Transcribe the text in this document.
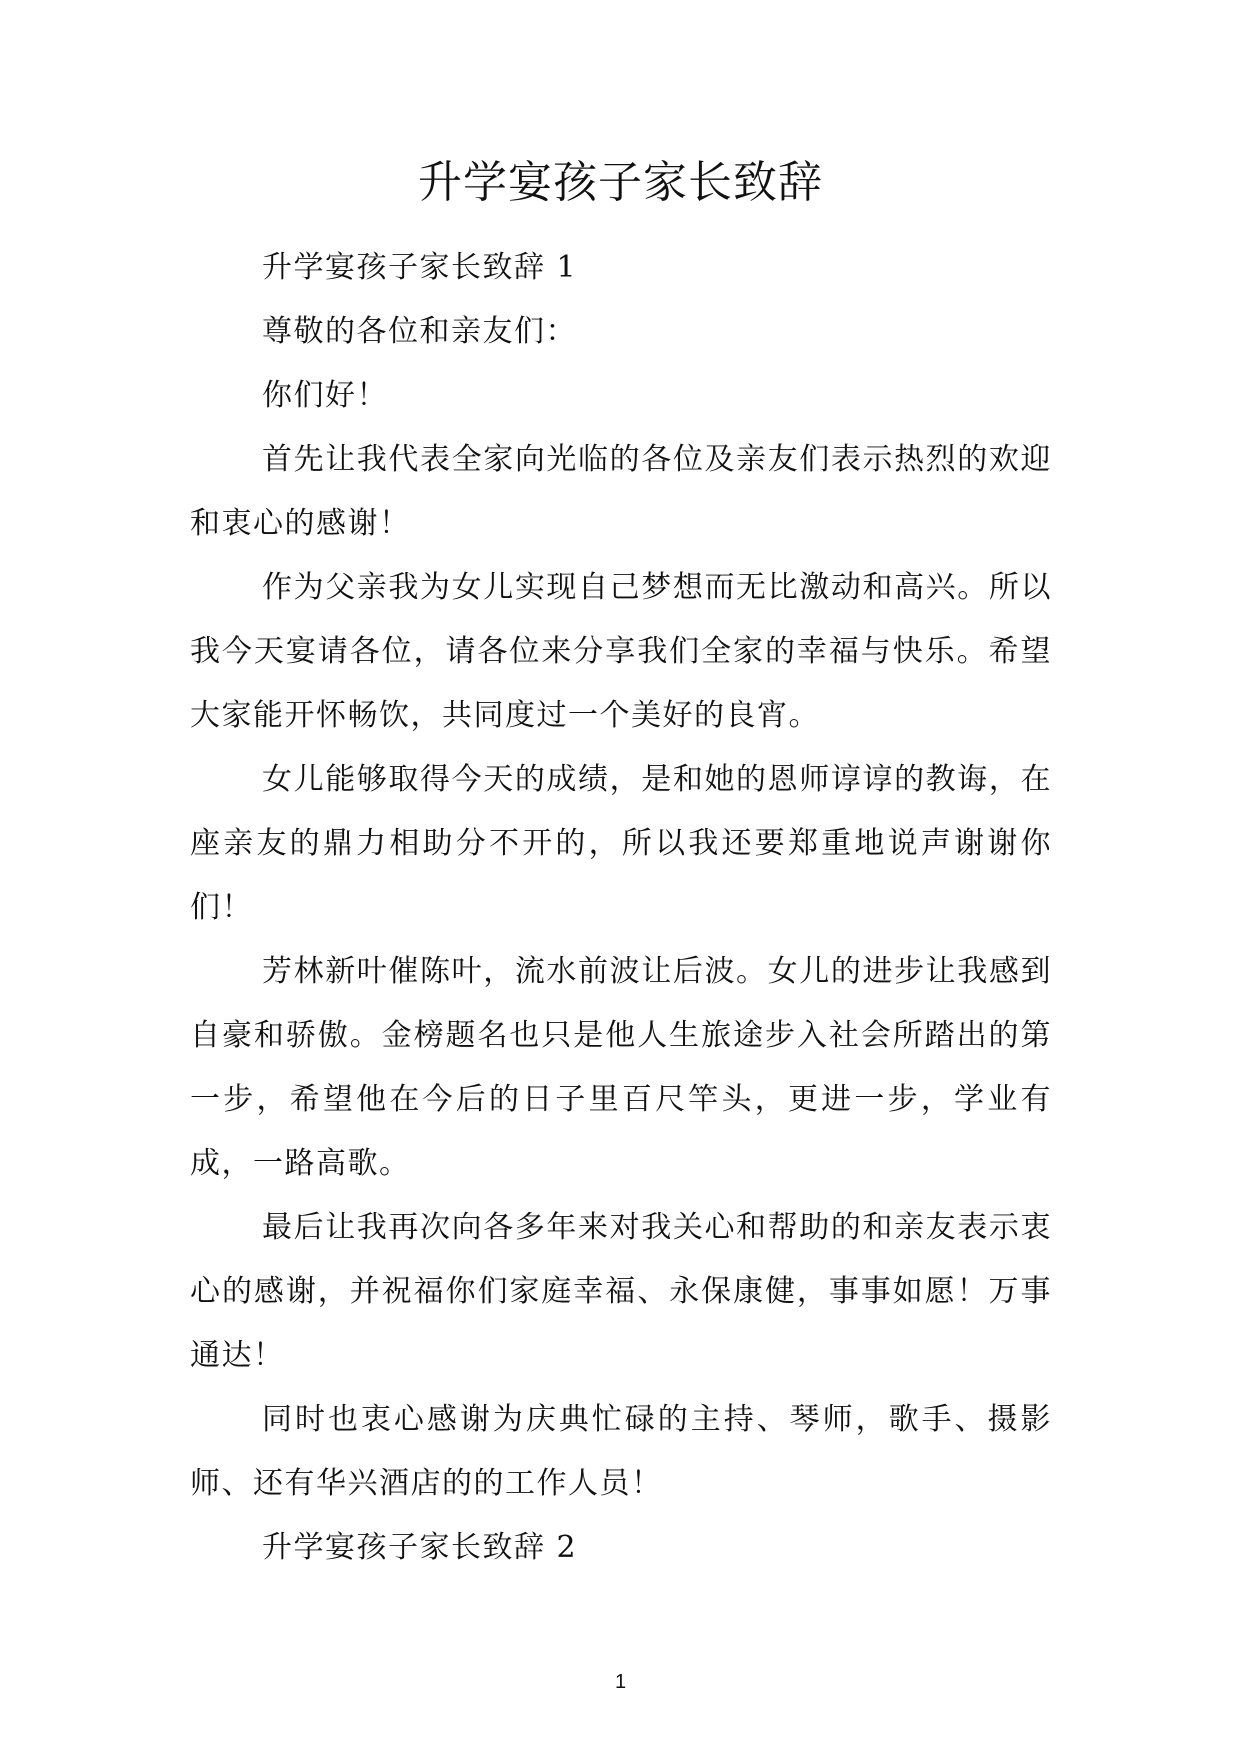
升学宴孩子家长致辞

升学宴孩子家长致辞 1

尊敬的各位和亲友们：

你们好！

首先让我代表全家向光临的各位及亲友们表示热烈的欢迎和衷心的感谢！

作为父亲我为女儿实现自己梦想而无比激动和高兴。所以我今天宴请各位，请各位来分享我们全家的幸福与快乐。希望大家能开怀畅饮，共同度过一个美好的良宵。

女儿能够取得今天的成绩，是和她的恩师谆谆的教诲，在座亲友的鼎力相助分不开的，所以我还要郑重地说声谢谢你们！

芳林新叶催陈叶，流水前波让后波。女儿的进步让我感到自豪和骄傲。金榜题名也只是他人生旅途步入社会所踏出的第一步，希望他在今后的日子里百尺竿头，更进一步，学业有成，一路高歌。

最后让我再次向各多年来对我关心和帮助的和亲友表示衷心的感谢，并祝福你们家庭幸福、永保康健，事事如愿！万事通达！

同时也衷心感谢为庆典忙碌的主持、琴师，歌手、摄影师、还有华兴酒店的的工作人员！

升学宴孩子家长致辞 2

1
